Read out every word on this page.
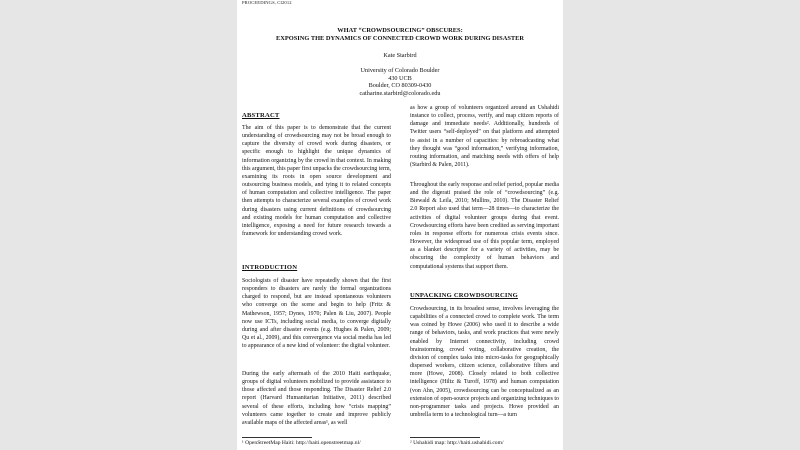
PROCEEDINGS, CI2012
WHAT “CROWDSOURCING” OBSCURES:
EXPOSING THE DYNAMICS OF CONNECTED CROWD WORK DURING DISASTER
Kate Starbird
University of Colorado Boulder
430 UCB
Boulder, CO 80309-0430
catharine.starbird@colorado.edu
ABSTRACT
The aim of this paper is to demonstrate that the current understanding of crowdsourcing may not be broad enough to capture the diversity of crowd work during disasters, or specific enough to highlight the unique dynamics of information organizing by the crowd in that context. In making this argument, this paper first unpacks the crowdsourcing term, examining its roots in open source development and outsourcing business models, and tying it to related concepts of human computation and collective intelligence. The paper then attempts to characterize several examples of crowd work during disasters using current definitions of crowdsourcing and existing models for human computation and collective intelligence, exposing a need for future research towards a framework for understanding crowd work.
INTRODUCTION
Sociologists of disaster have repeatedly shown that the first responders to disasters are rarely the formal organizations charged to respond, but are instead spontaneous volunteers who converge on the scene and begin to help (Fritz & Mathewson, 1957; Dynes, 1970; Palen & Liu, 2007). People now use ICTs, including social media, to converge digitally during and after disaster events (e.g. Hughes & Palen, 2009; Qu et al., 2009), and this convergence via social media has led to appearance of a new kind of volunteer: the digital volunteer.
During the early aftermath of the 2010 Haiti earthquake, groups of digital volunteers mobilized to provide assistance to those affected and those responding. The Disaster Relief 2.0 report (Harvard Humanitarian Initiative, 2011) described several of these efforts, including how “crisis mapping” volunteers came together to create and improve publicly available maps of the affected areas¹, as well
¹ OpenStreetMap Haiti: http://haiti.openstreetmap.nl/
as how a group of volunteers organized around an Ushahidi instance to collect, process, verify, and map citizen reports of damage and immediate needs². Additionally, hundreds of Twitter users “self-deployed” on that platform and attempted to assist in a number of capacities: by rebroadcasting what they thought was “good information,” verifying information, routing information, and matching needs with offers of help (Starbird & Palen, 2011).
Throughout the early response and relief period, popular media and the digerati praised the role of “crowdsourcing” (e.g. Biewald & Leila, 2010; Mullins, 2010). The Disaster Relief 2.0 Report also used that term—28 times—to characterize the activities of digital volunteer groups during that event. Crowdsourcing efforts have been credited as serving important roles in response efforts for numerous crisis events since. However, the widespread use of this popular term, employed as a blanket descriptor for a variety of activities, may be obscuring the complexity of human behaviors and computational systems that support them.
UNPACKING CROWDSOURCING
Crowdsourcing, in its broadest sense, involves leveraging the capabilities of a connected crowd to complete work. The term was coined by Howe (2006) who used it to describe a wide range of behaviors, tasks, and work practices that were newly enabled by Internet connectivity, including crowd brainstorming, crowd voting, collaborative creation, the division of complex tasks into micro-tasks for geographically dispersed workers, citizen science, collaborative filters and more (Howe, 2008). Closely related to both collective intelligence (Hiltz & Turoff, 1978) and human computation (von Ahn, 2005), crowdsourcing can be conceptualized as an extension of open-source projects and organizing techniques to non-programmer tasks and projects. Howe provided an umbrella term to a technological turn—a turn
² Ushahidi map: http://haiti.ushahidi.com/
